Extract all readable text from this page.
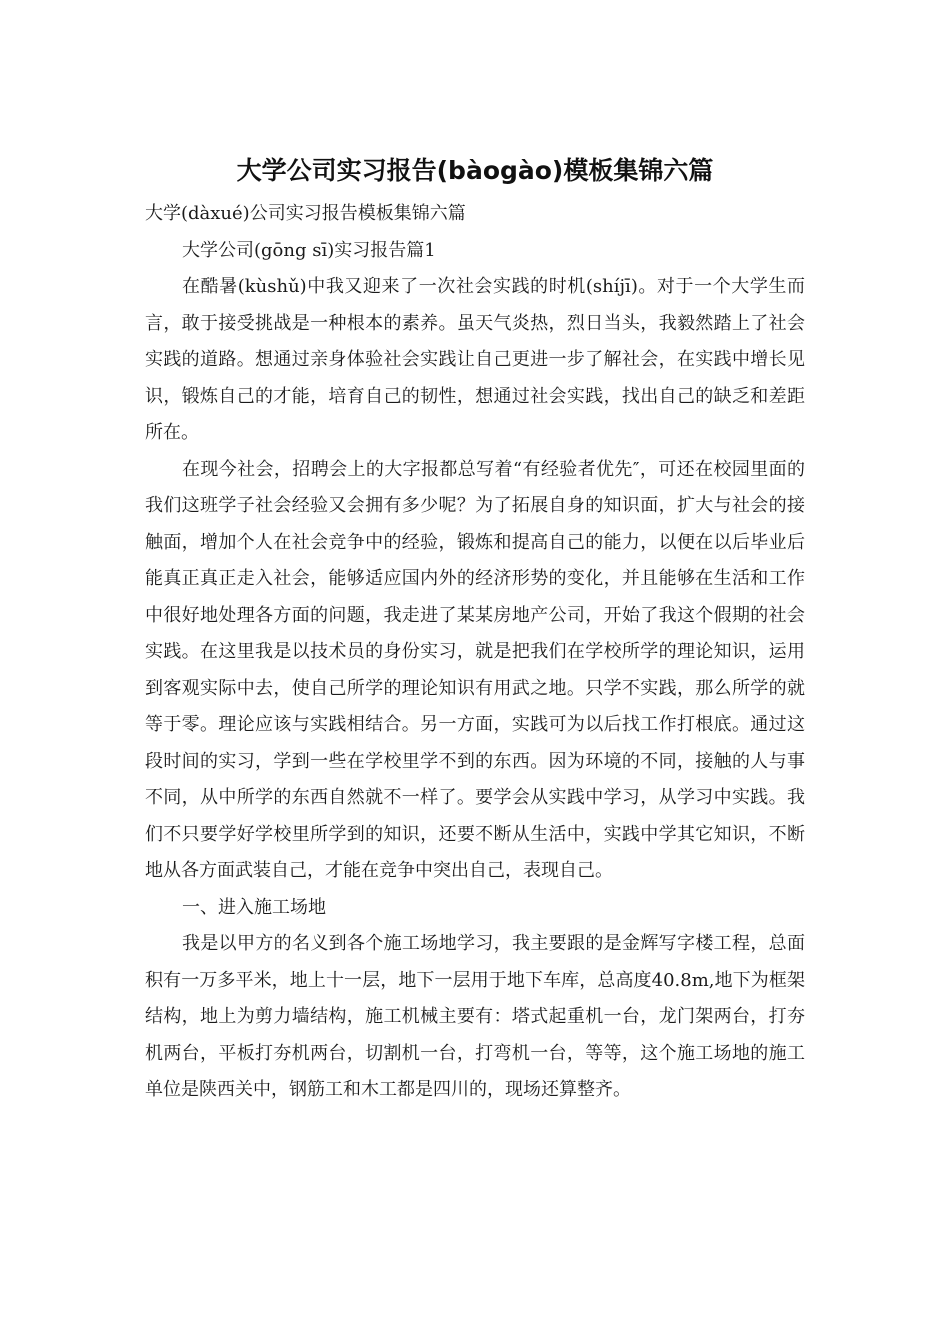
大学公司实习报告(bàogào)模板集锦六篇

大学(dàxué)公司实习报告模板集锦六篇

大学公司(gōng sī)实习报告篇1

在酷暑(kùshǔ)中我又迎来了一次社会实践的时机(shíjī)。对于一个大学生而言，敢于接受挑战是一种根本的素养。虽天气炎热，烈日当头，我毅然踏上了社会实践的道路。想通过亲身体验社会实践让自己更进一步了解社会，在实践中增长见识，锻炼自己的才能，培育自己的韧性，想通过社会实践，找出自己的缺乏和差距所在。

在现今社会，招聘会上的大字报都总写着“有经验者优先″，可还在校园里面的我们这班学子社会经验又会拥有多少呢？为了拓展自身的知识面，扩大与社会的接触面，增加个人在社会竞争中的经验，锻炼和提高自己的能力，以便在以后毕业后能真正真正走入社会，能够适应国内外的经济形势的变化，并且能够在生活和工作中很好地处理各方面的问题，我走进了某某房地产公司，开始了我这个假期的社会实践。在这里我是以技术员的身份实习，就是把我们在学校所学的理论知识，运用到客观实际中去，使自己所学的理论知识有用武之地。只学不实践，那么所学的就等于零。理论应该与实践相结合。另一方面，实践可为以后找工作打根底。通过这段时间的实习，学到一些在学校里学不到的东西。因为环境的不同，接触的人与事不同，从中所学的东西自然就不一样了。要学会从实践中学习，从学习中实践。我们不只要学好学校里所学到的知识，还要不断从生活中，实践中学其它知识，不断地从各方面武装自己，才能在竞争中突出自己，表现自己。

一、进入施工场地

我是以甲方的名义到各个施工场地学习，我主要跟的是金辉写字楼工程，总面积有一万多平米，地上十一层，地下一层用于地下车库，总高度40.8m,地下为框架结构，地上为剪力墙结构，施工机械主要有：塔式起重机一台，龙门架两台，打夯机两台，平板打夯机两台，切割机一台，打弯机一台，等等，这个施工场地的施工单位是陕西关中，钢筋工和木工都是四川的，现场还算整齐。
